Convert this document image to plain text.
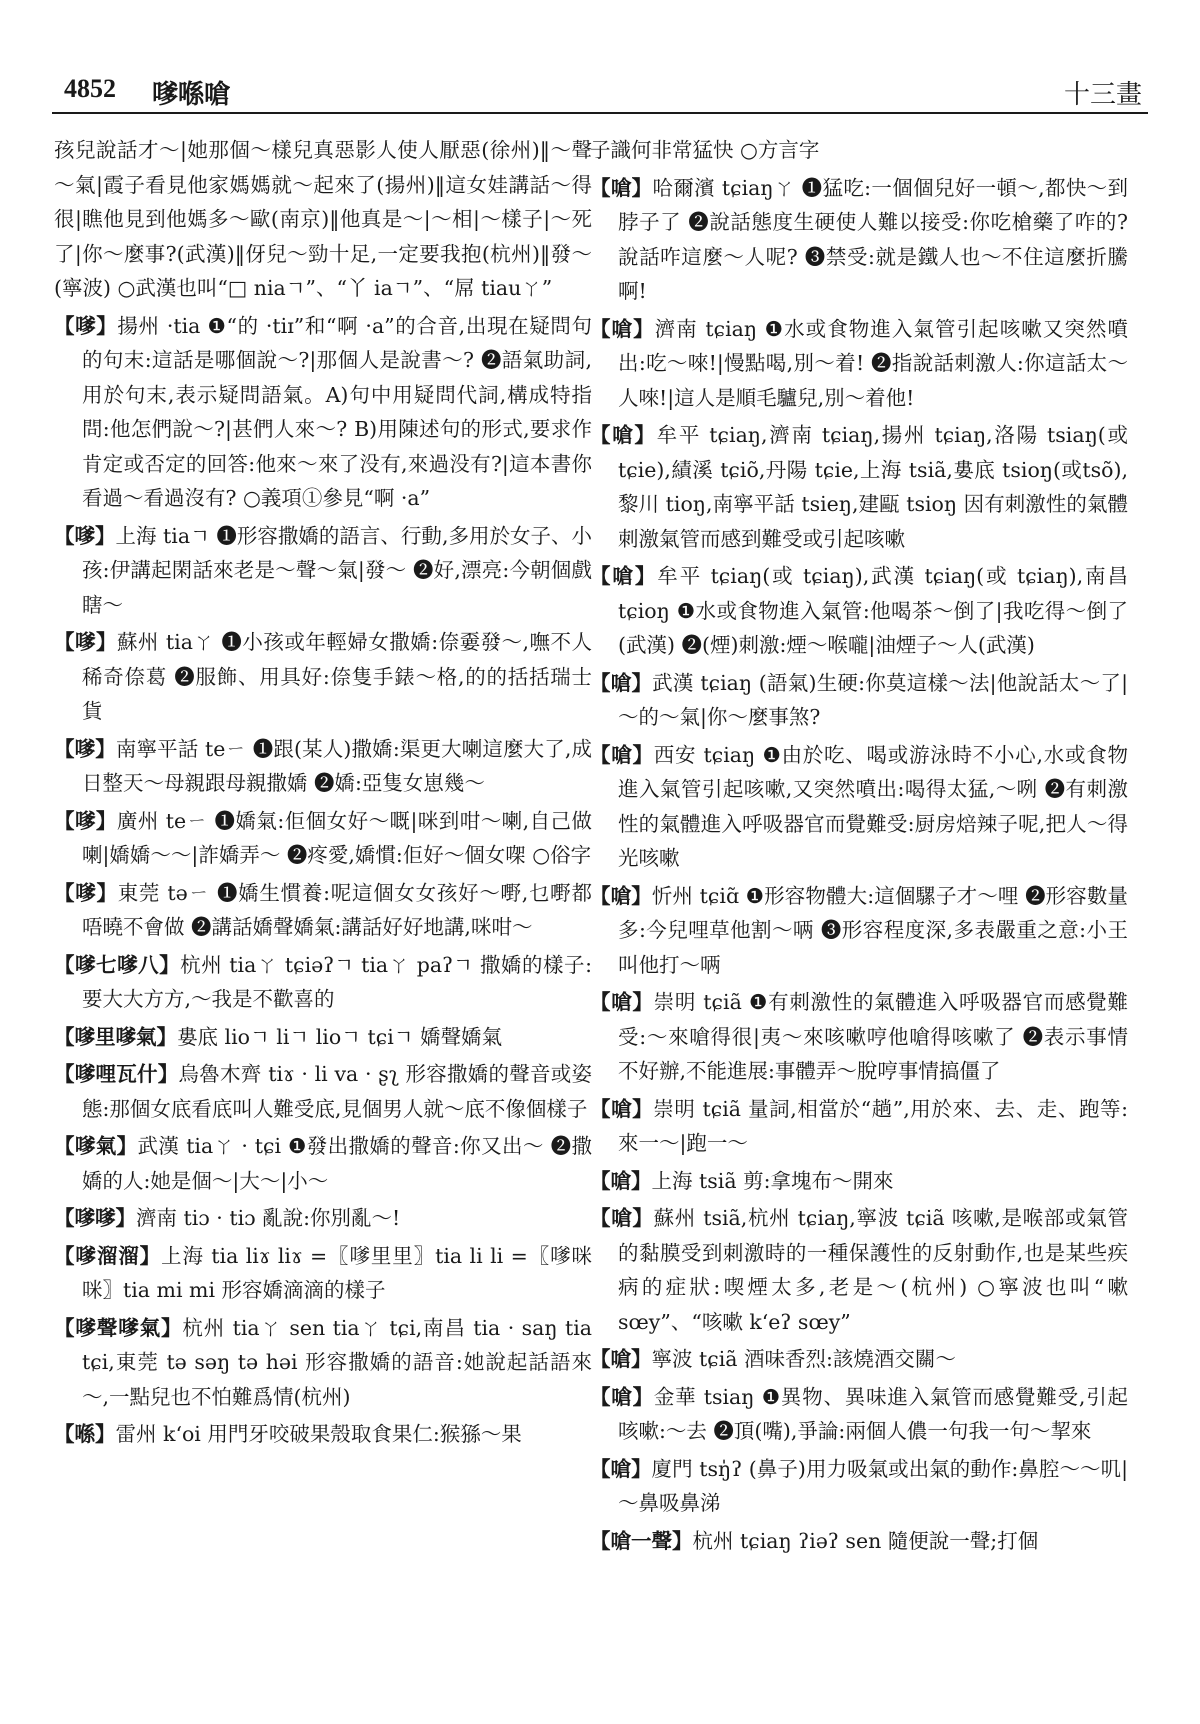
4852 嗲喺嗆	十三畫

孩兒說話才～|她那個～樣兒真惡影人使人厭惡(徐州)‖～聲～氣|霞子看見他家媽媽就～起來了(揚州)‖這女娃講話～得很|瞧他見到他媽多～歐(南京)‖他真是～|～相|～樣子|～死了|你～麼事?(武漢)‖伢兒～勁十足,一定要我抱(杭州)‖發～(寧波) ○武漢也叫“□ niaㄱ”、“丫 iaㄱ”、“屌 tiauㄚ”

【嗲】揚州 ·tia ❶“的 ·tiɪ”和“啊 ·a”的合音,出現在疑問句的句末:這話是哪個說～?|那個人是說書～? ❷語氣助詞,用於句末,表示疑問語氣。A)句中用疑問代詞,構成特指問:他怎們說～?|甚們人來～? B)用陳述句的形式,要求作肯定或否定的回答:他來～來了没有,來過没有?|這本書你看過～看過沒有? ○義項①參見“啊 ·a”

【嗲】上海 tiaㄱ ❶形容撒嬌的語言、行動,多用於女子、小孩:伊講起閑話來老是～聲～氣|發～ ❷好,漂亮:今朝個戲瞎～

【嗲】蘇州 tiaㄚ ❶小孩或年輕婦女撒嬌:倷嫑發～,嘸不人稀奇倷葛 ❷服飾、用具好:倷隻手錶～格,的的括括瑞士貨

【嗲】南寧平話 teㄧ ❶跟(某人)撒嬌:渠更大喇這麼大了,成日整天～母親跟母親撒嬌 ❷嬌:亞隻女崽幾～

【嗲】廣州 teㄧ ❶嬌氣:佢個女好～嘅|咪到咁～喇,自己做喇|嬌嬌～～|詐嬌弄～ ❷疼愛,嬌慣:佢好～個女㗎 ○俗字

【嗲】東莞 təㄧ ❶嬌生慣養:呢這個女女孩好～嘢,乜嘢都唔曉不會做 ❷講話嬌聲嬌氣:講話好好地講,咪咁～

【嗲七嗲八】杭州 tiaㄚ tɕiəʔㄱ tiaㄚ paʔㄱ 撒嬌的樣子:要大大方方,～我是不歡喜的

【嗲里嗲氣】婁底 lioㄱ liㄱ lioㄱ tɕiㄱ 嬌聲嬌氣

【嗲哩瓦什】烏魯木齊 tiɤ · li va · ʂʅ 形容撒嬌的聲音或姿態:那個女底看底叫人難受底,見個男人就～底不像個樣子

【嗲氣】武漢 tiaㄚ · tɕi ❶發出撒嬌的聲音:你又出～ ❷撒嬌的人:她是個～|大～|小～

【嗲嗲】濟南 tiɔ · tiɔ 亂說:你別亂～!

【嗲溜溜】上海 tia liɤ liɤ =〖嗲里里〗tia li li =〖嗲咪咪〗tia mi mi 形容嬌滴滴的樣子

【嗲聲嗲氣】杭州 tiaㄚ sen tiaㄚ tɕi,南昌 tia · saŋ tia tɕi,東莞 tə səŋ tə həi 形容撒嬌的語音:她說起話語來～,一點兒也不怕難爲情(杭州)

【喺】雷州 kʻoi 用門牙咬破果殼取食果仁:猴猻～果

子識何非常猛快 ○方言字

【嗆】哈爾濱 tɕiaŋㄚ ❶猛吃:一個個兒好一頓～,都快～到脖子了 ❷說話態度生硬使人難以接受:你吃槍藥了咋的?說話咋這麼～人呢? ❸禁受:就是鐵人也～不住這麼折騰啊!

【嗆】濟南 tɕiaŋ ❶水或食物進入氣管引起咳嗽又突然噴出:吃～唻!|慢點喝,別～着! ❷指說話刺激人:你這話太～人唻!|這人是順毛驢兒,別～着他!

【嗆】牟平 tɕiaŋ,濟南 tɕiaŋ,揚州 tɕiaŋ,洛陽 tsiaŋ(或tɕie),績溪 tɕiõ,丹陽 tɕie,上海 tsiã,婁底 tsioŋ(或tsõ),黎川 tioŋ,南寧平話 tsieŋ,建甌 tsioŋ 因有刺激性的氣體刺激氣管而感到難受或引起咳嗽

【嗆】牟平 tɕiaŋ(或 tɕiaŋ),武漢 tɕiaŋ(或 tɕiaŋ),南昌 tɕioŋ ❶水或食物進入氣管:他喝茶～倒了|我吃得～倒了(武漢) ❷(煙)刺激:煙～喉嚨|油煙子～人(武漢)

【嗆】武漢 tɕiaŋ (語氣)生硬:你莫這樣～法|他說話太～了|～的～氣|你～麼事煞?

【嗆】西安 tɕiaŋ ❶由於吃、喝或游泳時不小心,水或食物進入氣管引起咳嗽,又突然噴出:喝得太猛,～咧 ❷有刺激性的氣體進入呼吸器官而覺難受:厨房焙辣子呢,把人～得光咳嗽

【嗆】忻州 tɕiɑ̃ ❶形容物體大:這個騾子才～哩 ❷形容數量多:今兒哩草他割～唡 ❸形容程度深,多表嚴重之意:小王叫他打～唡

【嗆】崇明 tɕiã ❶有刺激性的氣體進入呼吸器官而感覺難受:～來嗆得很|夷～來咳嗽哼他嗆得咳嗽了 ❷表示事情不好辦,不能進展:事體弄～脫哼事情搞僵了

【嗆】崇明 tɕiã 量詞,相當於“趟”,用於來、去、走、跑等:來一～|跑一～

【嗆】上海 tsiã 剪:拿塊布～開來

【嗆】蘇州 tsiã,杭州 tɕiaŋ,寧波 tɕiã 咳嗽,是喉部或氣管的黏膜受到刺激時的一種保護性的反射動作,也是某些疾病的症狀:喫煙太多,老是～(杭州) ○寧波也叫“嗽 sœy”、“咳嗽 kʻeʔ sœy”

【嗆】寧波 tɕiã 酒味香烈:該燒酒交關～

【嗆】金華 tsiaŋ ❶異物、異味進入氣管而感覺難受,引起咳嗽:～去 ❷頂(嘴),爭論:兩個人儂一句我一句～挈來

【嗆】廈門 tsŋ̍ʔ (鼻子)用力吸氣或出氣的動作:鼻腔～～叽|～鼻吸鼻涕

【嗆一聲】杭州 tɕiaŋ ʔiəʔ sen 隨便說一聲;打個
